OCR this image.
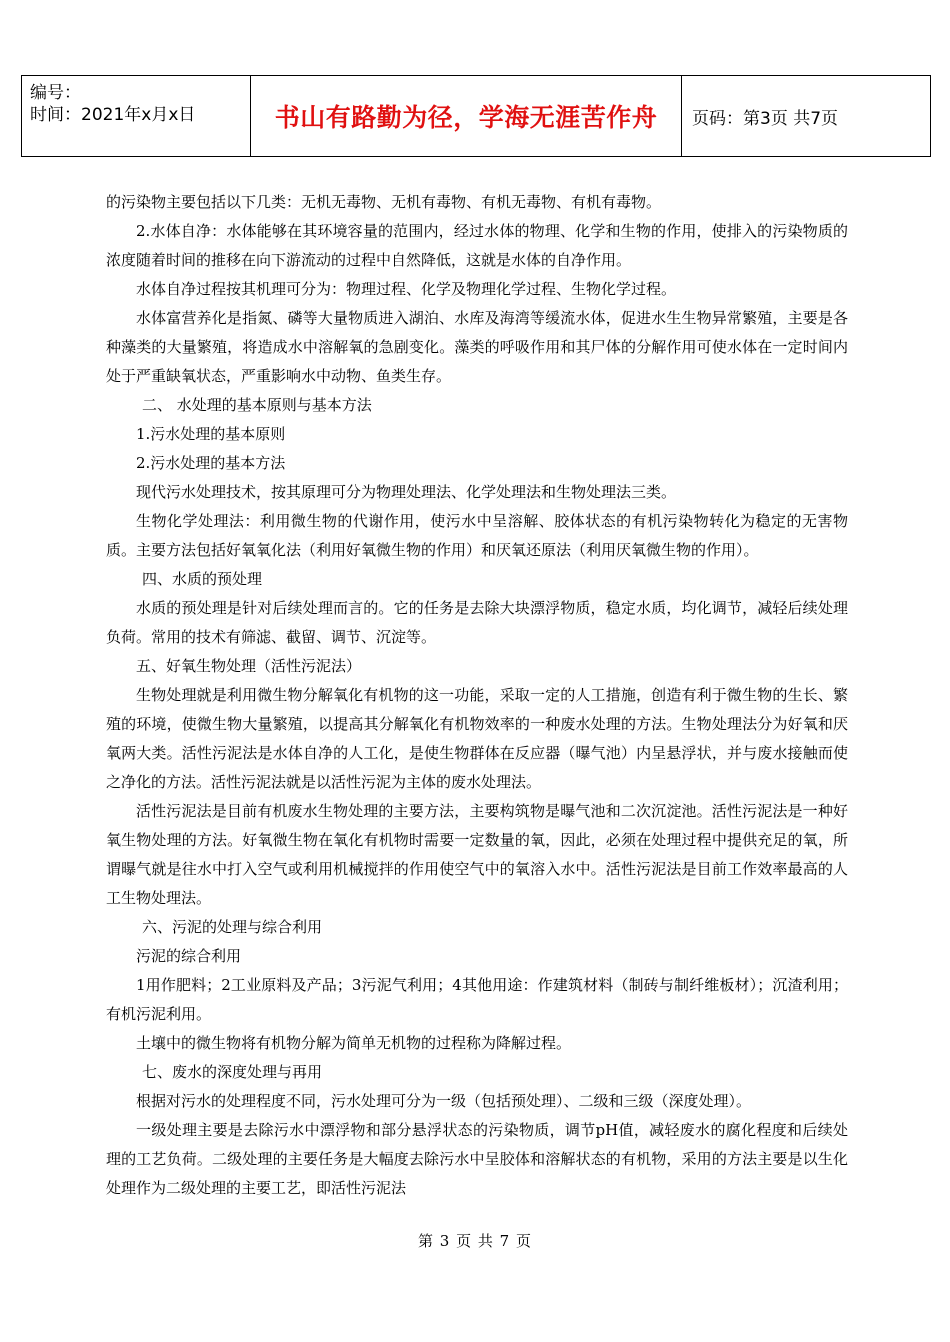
编号：
时间：2021年x月x日	书山有路勤为径，学海无涯苦作舟	页码：第3页 共7页

的污染物主要包括以下几类：无机无毒物、无机有毒物、有机无毒物、有机有毒物。

2.水体自净：水体能够在其环境容量的范围内，经过水体的物理、化学和生物的作用，使排入的污染物质的浓度随着时间的推移在向下游流动的过程中自然降低，这就是水体的自净作用。

水体自净过程按其机理可分为：物理过程、化学及物理化学过程、生物化学过程。

水体富营养化是指氮、磷等大量物质进入湖泊、水库及海湾等缓流水体，促进水生生物异常繁殖，主要是各种藻类的大量繁殖，将造成水中溶解氧的急剧变化。藻类的呼吸作用和其尸体的分解作用可使水体在一定时间内处于严重缺氧状态，严重影响水中动物、鱼类生存。

二、 水处理的基本原则与基本方法

1.污水处理的基本原则

2.污水处理的基本方法

现代污水处理技术，按其原理可分为物理处理法、化学处理法和生物处理法三类。

生物化学处理法：利用微生物的代谢作用，使污水中呈溶解、胶体状态的有机污染物转化为稳定的无害物质。主要方法包括好氧氧化法（利用好氧微生物的作用）和厌氧还原法（利用厌氧微生物的作用）。

四、水质的预处理

水质的预处理是针对后续处理而言的。它的任务是去除大块漂浮物质，稳定水质，均化调节，减轻后续处理负荷。常用的技术有筛滤、截留、调节、沉淀等。

五、好氧生物处理（活性污泥法）

生物处理就是利用微生物分解氧化有机物的这一功能，采取一定的人工措施，创造有利于微生物的生长、繁殖的环境，使微生物大量繁殖，以提高其分解氧化有机物效率的一种废水处理的方法。生物处理法分为好氧和厌氧两大类。活性污泥法是水体自净的人工化，是使生物群体在反应器（曝气池）内呈悬浮状，并与废水接触而使之净化的方法。活性污泥法就是以活性污泥为主体的废水处理法。

活性污泥法是目前有机废水生物处理的主要方法，主要构筑物是曝气池和二次沉淀池。活性污泥法是一种好氧生物处理的方法。好氧微生物在氧化有机物时需要一定数量的氧，因此，必须在处理过程中提供充足的氧，所谓曝气就是往水中打入空气或利用机械搅拌的作用使空气中的氧溶入水中。活性污泥法是目前工作效率最高的人工生物处理法。

六、污泥的处理与综合利用

污泥的综合利用

1用作肥料；2工业原料及产品；3污泥气利用；4其他用途：作建筑材料（制砖与制纤维板材）；沉渣利用；有机污泥利用。

土壤中的微生物将有机物分解为简单无机物的过程称为降解过程。

七、废水的深度处理与再用

根据对污水的处理程度不同，污水处理可分为一级（包括预处理）、二级和三级（深度处理）。

一级处理主要是去除污水中漂浮物和部分悬浮状态的污染物质，调节pH值，减轻废水的腐化程度和后续处理的工艺负荷。二级处理的主要任务是大幅度去除污水中呈胶体和溶解状态的有机物，采用的方法主要是以生化处理作为二级处理的主要工艺，即活性污泥法

第 3 页 共 7 页
